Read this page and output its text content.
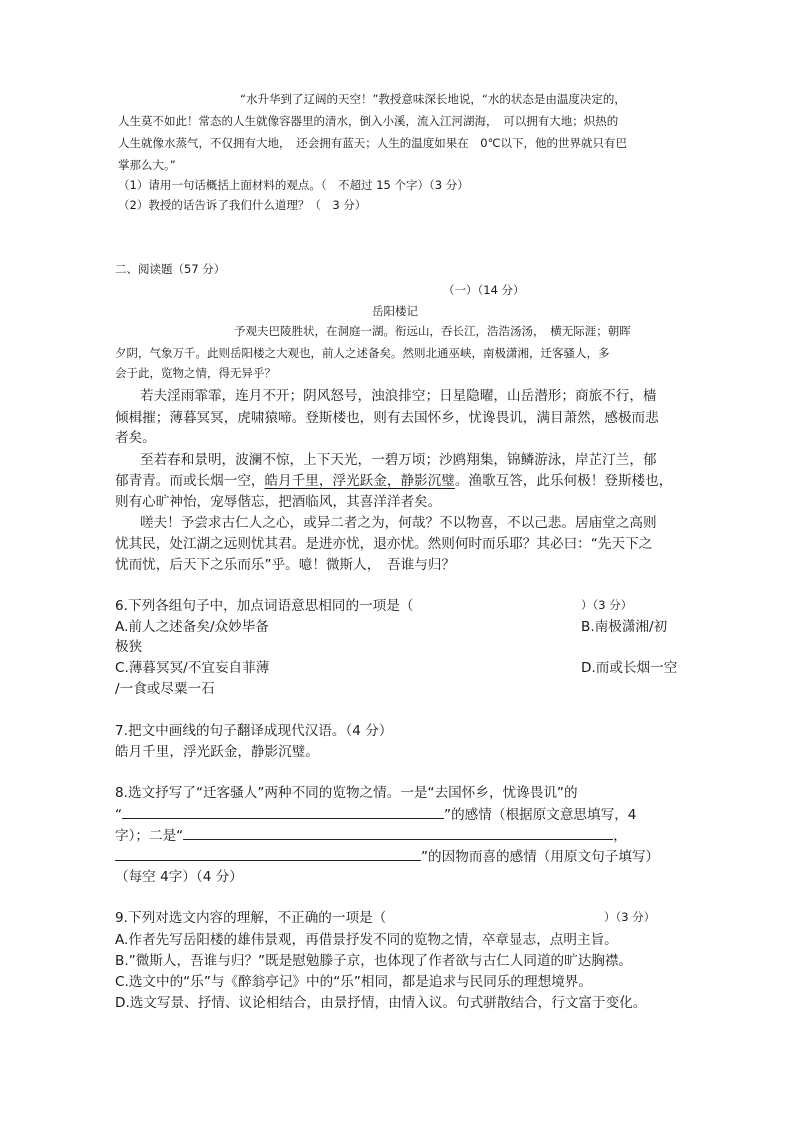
“水升华到了辽阔的天空！”教授意味深长地说，“水的状态是由温度决定的，
人生莫不如此！常态的人生就像容器里的清水，倒入小溪，流入江河湖海，　可以拥有大地；炽热的
人生就像水蒸气，不仅拥有大地，　还会拥有蓝天；人生的温度如果在　0℃以下，他的世界就只有巴
掌那么大。”
（1）请用一句话概括上面材料的观点。（　不超过 15 个字）（3 分）
（2）教授的话告诉了我们什么道理？（　3 分）
二、阅读题（57 分）
（一）（14 分）
岳阳楼记
予观夫巴陵胜状，在洞庭一湖。衔远山，吞长江，浩浩汤汤，　横无际涯；朝晖
夕阴，气象万千。此则岳阳楼之大观也，前人之述备矣。然则北通巫峡，南极潇湘，迁客骚人，多
会于此，览物之情，得无异乎？
若夫淫雨霏霏，连月不开；阴风怒号，浊浪排空；日星隐曜，山岳潜形；商旅不行，樯
倾楫摧；薄暮冥冥，虎啸猿啼。登斯楼也，则有去国怀乡，忧谗畏讥，满目萧然，感极而悲
者矣。
至若春和景明，波澜不惊，上下天光，一碧万顷；沙鸥翔集，锦鳞游泳，岸芷汀兰，郁
郁青青。而或长烟一空，皓月千里，浮光跃金，静影沉璧。渔歌互答，此乐何极！登斯楼也，
则有心旷神怡，宠辱偕忘，把酒临风，其喜洋洋者矣。
嗟夫！予尝求古仁人之心，或异二者之为，何哉？不以物喜，不以己悲。居庙堂之高则
忧其民，处江湖之远则忧其君。是进亦忧，退亦忧。然则何时而乐耶？其必曰：“先天下之
忧而忧，后天下之乐而乐”乎。噫！微斯人，　吾谁与归？
6.下列各组句子中，加点词语意思相同的一项是（	）（3 分）
A.前人之述备矣/众妙毕备	B.南极潇湘/初
极狭
C.薄暮冥冥/不宜妄自菲薄	D.而或长烟一空
/一食或尽粟一石
7.把文中画线的句子翻译成现代汉语。（4 分）
皓月千里，浮光跃金，静影沉璧。
8.选文抒写了“迁客骚人”两种不同的览物之情。一是“去国怀乡，忧谗畏讥”的
“	”的感情（根据原文意思填写，4
字）；二是“	，
”的因物而喜的感情（用原文句子填写）
（每空 4字）（4 分）
9.下列对选文内容的理解，不正确的一项是（	）（3 分）
A.作者先写岳阳楼的雄伟景观，再借景抒发不同的览物之情，卒章显志，点明主旨。
B.”微斯人，吾谁与归？”既是慰勉滕子京，也体现了作者欲与古仁人同道的旷达胸襟。
C.选文中的“乐”与《醉翁亭记》中的“乐”相同，都是追求与民同乐的理想境界。
D.选文写景、抒情、议论相结合，由景抒情，由情入议。句式骈散结合，行文富于变化。
